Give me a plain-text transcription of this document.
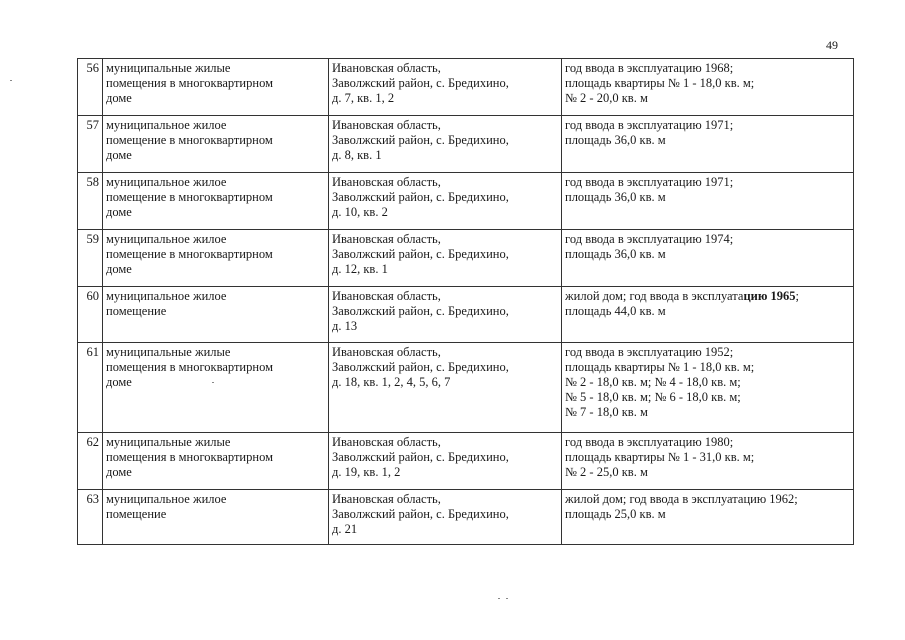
49
56	муниципальные жилые
помещения в многоквартирном
доме	Ивановская область,
Заволжский район, с. Бредихино,
д. 7, кв. 1, 2	год ввода в эксплуатацию 1968;
площадь квартиры № 1 - 18,0 кв. м;
№ 2 - 20,0 кв. м

57	муниципальное жилое
помещение в многоквартирном
доме	Ивановская область,
Заволжский район, с. Бредихино,
д. 8, кв. 1	год ввода в эксплуатацию 1971;
площадь 36,0 кв. м

58	муниципальное жилое
помещение в многоквартирном
доме	Ивановская область,
Заволжский район, с. Бредихино,
д. 10, кв. 2	год ввода в эксплуатацию 1971;
площадь 36,0 кв. м

59	муниципальное жилое
помещение в многоквартирном
доме	Ивановская область,
Заволжский район, с. Бредихино,
д. 12, кв. 1	год ввода в эксплуатацию 1974;
площадь 36,0 кв. м

60	муниципальное жилое
помещение	Ивановская область,
Заволжский район, с. Бредихино,
д. 13	жилой дом; год ввода в эксплуатацию 1965;
площадь 44,0 кв. м

61	муниципальные жилые
помещения в многоквартирном
доме	Ивановская область,
Заволжский район, с. Бредихино,
д. 18, кв. 1, 2, 4, 5, 6, 7	год ввода в эксплуатацию 1952;
площадь квартиры № 1 - 18,0 кв. м;
№ 2 - 18,0 кв. м; № 4 - 18,0 кв. м;
№ 5 - 18,0 кв. м; № 6 - 18,0 кв. м;
№ 7 - 18,0 кв. м

62	муниципальные жилые
помещения в многоквартирном
доме	Ивановская область,
Заволжский район, с. Бредихино,
д. 19, кв. 1, 2	год ввода в эксплуатацию 1980;
площадь квартиры № 1 - 31,0 кв. м;
№ 2 - 25,0 кв. м

63	муниципальное жилое
помещение	Ивановская область,
Заволжский район, с. Бредихино,
д. 21	жилой дом; год ввода в эксплуатацию 1962;
площадь 25,0 кв. м
